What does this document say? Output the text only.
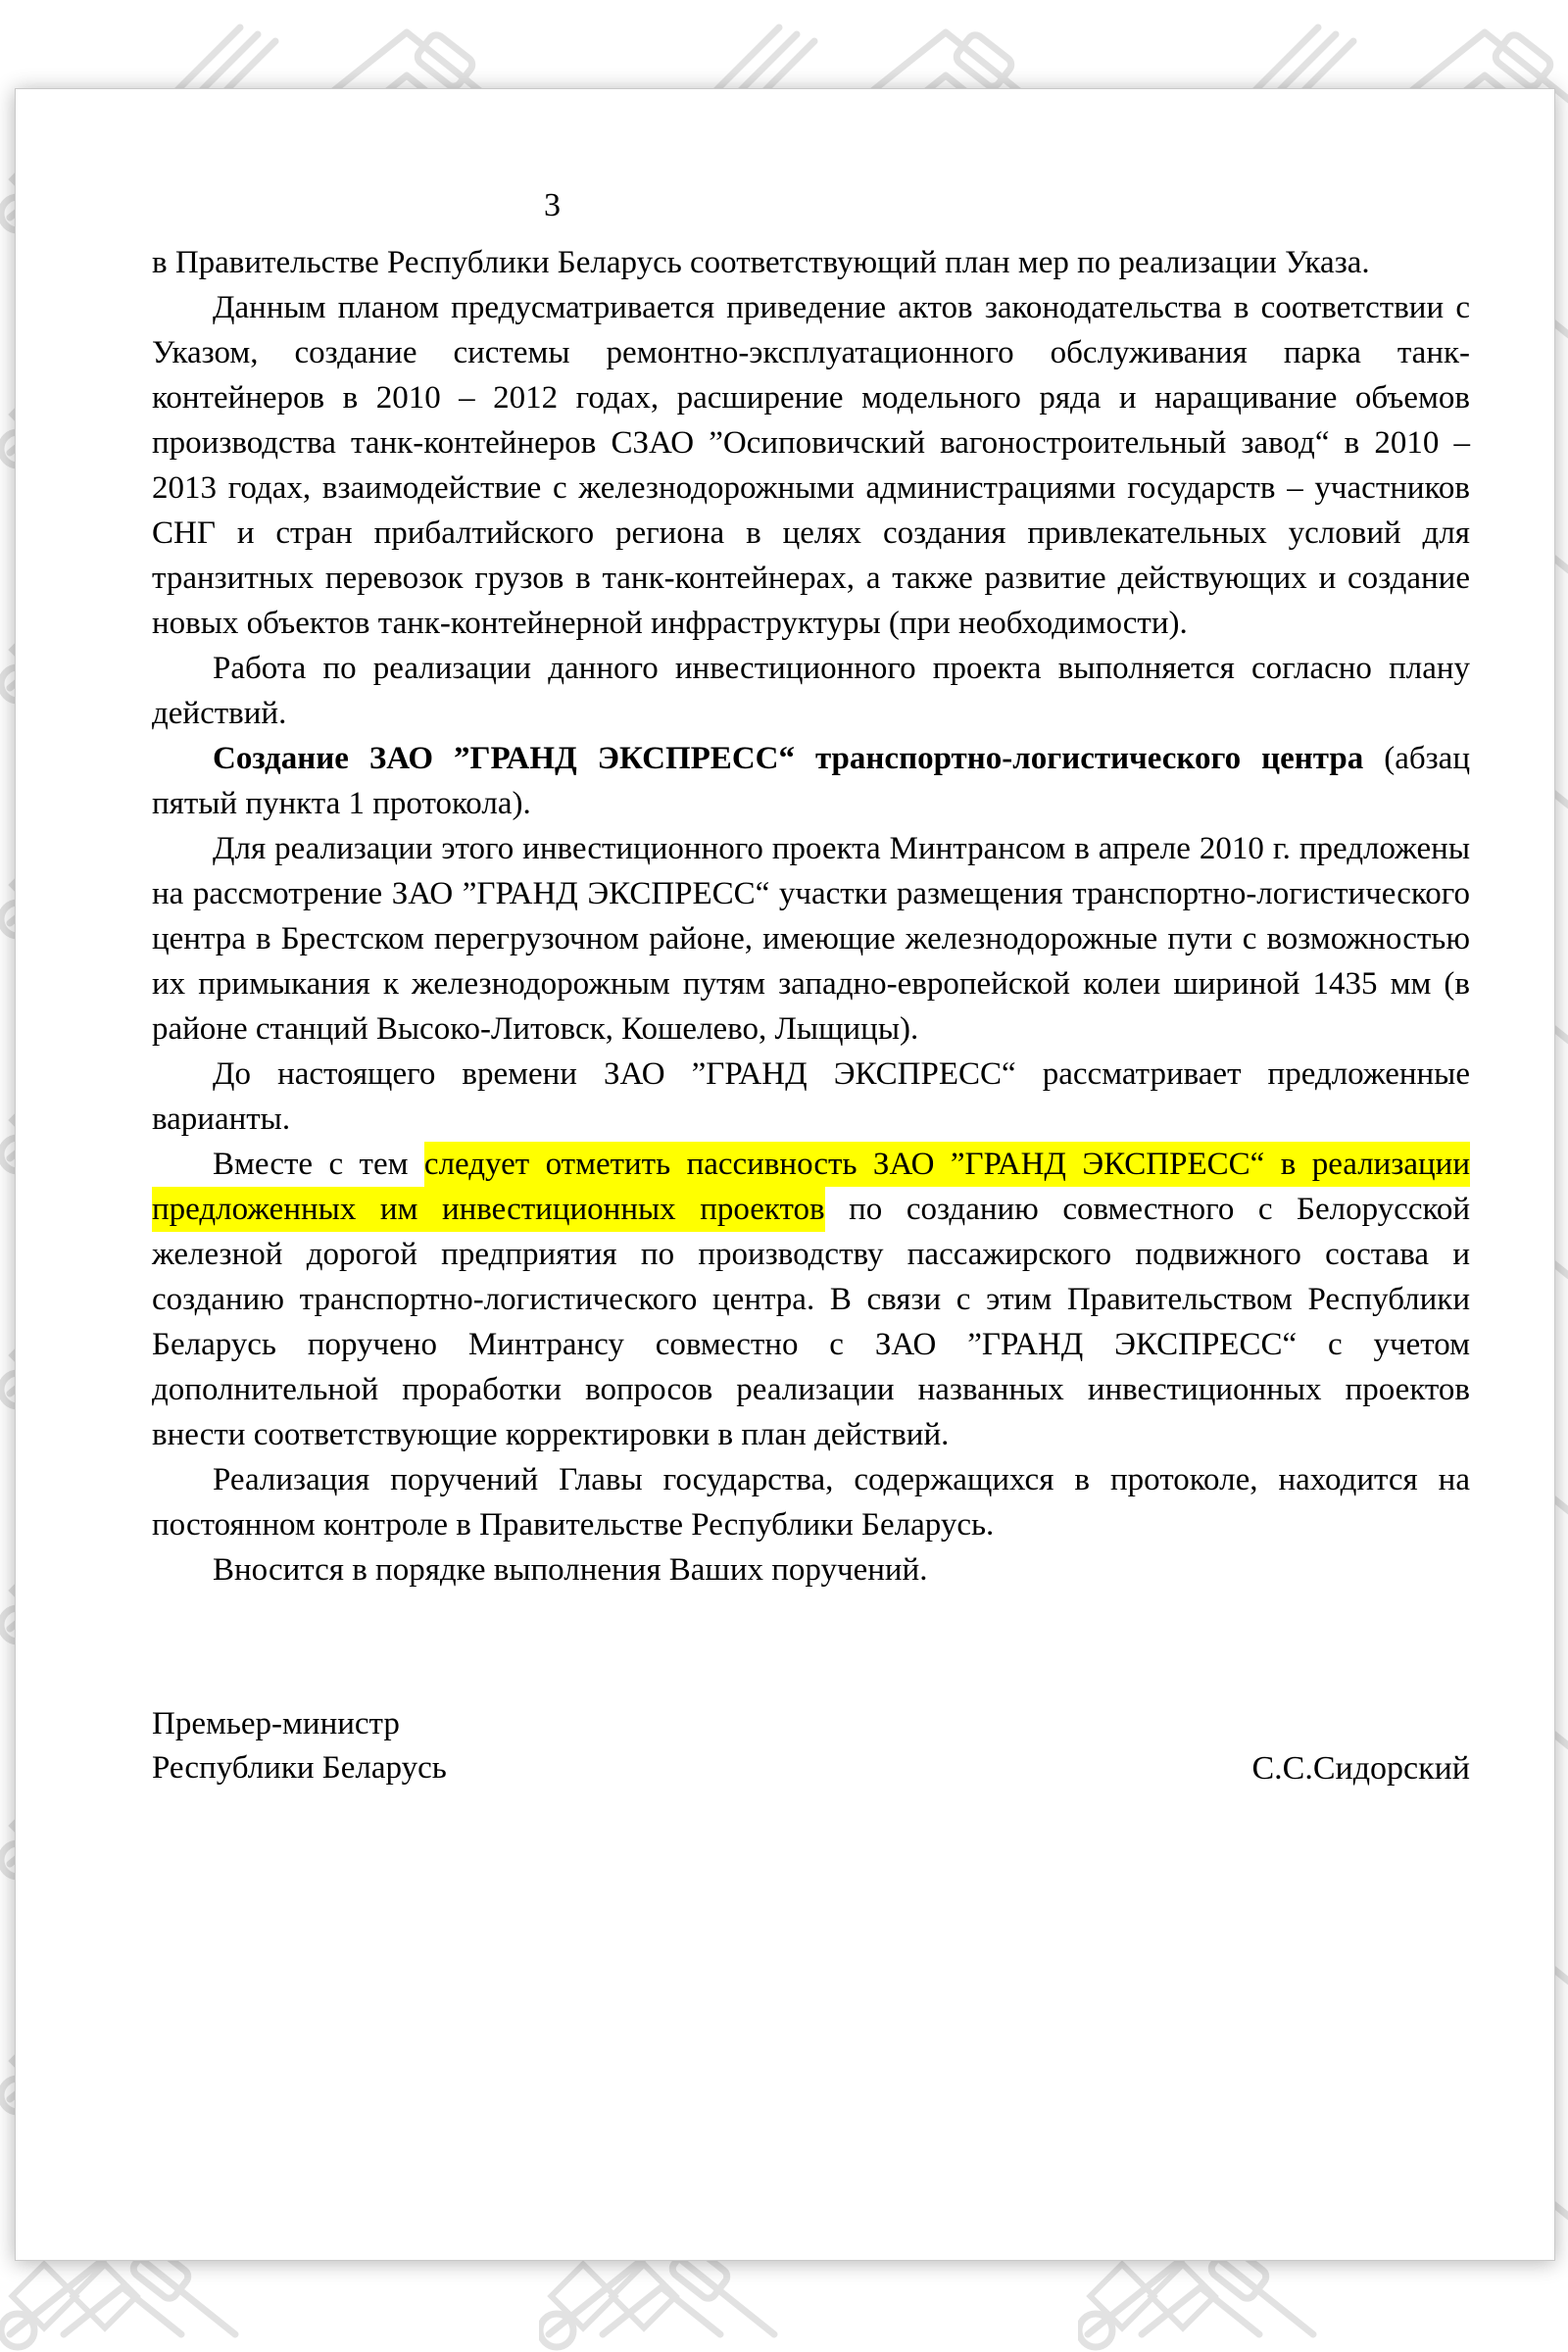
3

в Правительстве Республики Беларусь соответствующий план мер по реализации Указа.

Данным планом предусматривается приведение актов законодательства в соответствии с Указом, создание системы ремонтно-эксплуатационного обслуживания парка танк-контейнеров в 2010 – 2012 годах, расширение модельного ряда и наращивание объемов производства танк-контейнеров СЗАО ”Осиповичский вагоностроительный завод“ в 2010 – 2013 годах, взаимодействие с железнодорожными администрациями государств – участников СНГ и стран прибалтийского региона в целях создания привлекательных условий для транзитных перевозок грузов в танк-контейнерах, а также развитие действующих и создание новых объектов танк-контейнерной инфраструктуры (при необходимости).

Работа по реализации данного инвестиционного проекта выполняется согласно плану действий.

Создание ЗАО ”ГРАНД ЭКСПРЕСС“ транспортно-логистического центра (абзац пятый пункта 1 протокола).

Для реализации этого инвестиционного проекта Минтрансом в апреле 2010 г. предложены на рассмотрение ЗАО ”ГРАНД ЭКСПРЕСС“ участки размещения транспортно-логистического центра в Брестском перегрузочном районе, имеющие железнодорожные пути с возможностью их примыкания к железнодорожным путям западно-европейской колеи шириной 1435 мм (в районе станций Высоко-Литовск, Кошелево, Лыщицы).

До настоящего времени ЗАО ”ГРАНД ЭКСПРЕСС“ рассматривает предложенные варианты.

Вместе с тем следует отметить пассивность ЗАО ”ГРАНД ЭКСПРЕСС“ в реализации предложенных им инвестиционных проектов по созданию совместного с Белорусской железной дорогой предприятия по производству пассажирского подвижного состава и созданию транспортно-логистического центра. В связи с этим Правительством Республики Беларусь поручено Минтрансу совместно с ЗАО ”ГРАНД ЭКСПРЕСС“ с учетом дополнительной проработки вопросов реализации названных инвестиционных проектов внести соответствующие корректировки в план действий.

Реализация поручений Главы государства, содержащихся в протоколе, находится на постоянном контроле в Правительстве Республики Беларусь.

Вносится в порядке выполнения Ваших поручений.

Премьер-министр
Республики Беларусь	С.С.Сидорский
